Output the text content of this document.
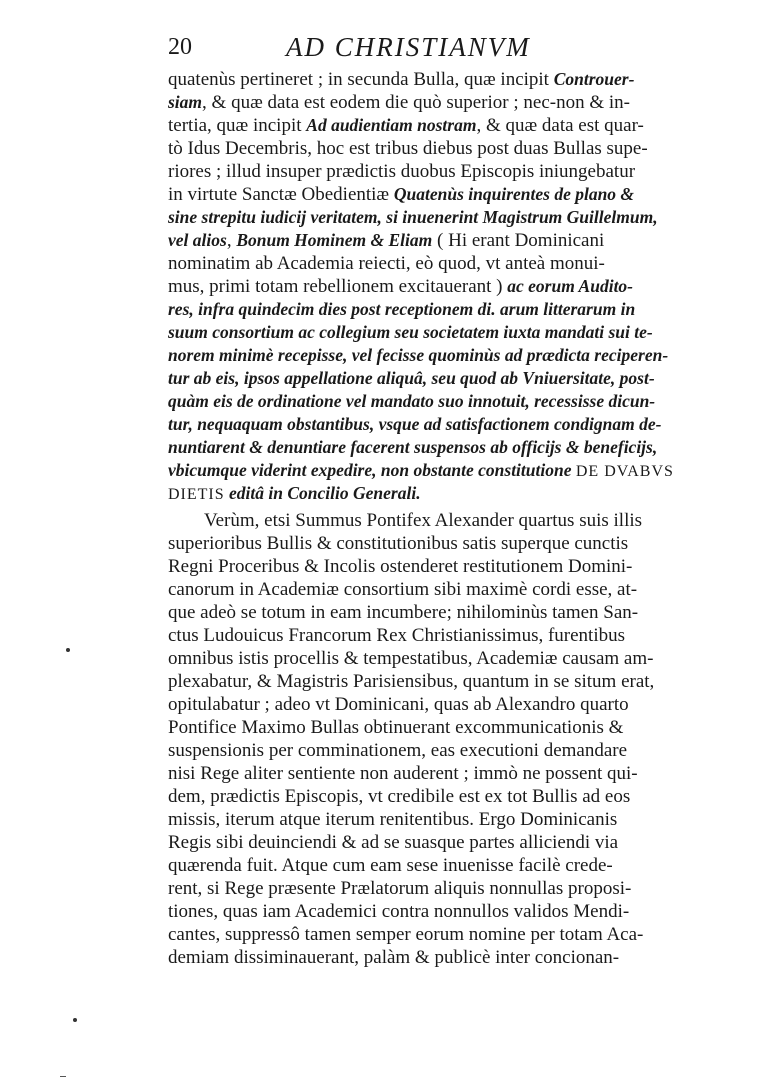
20	AD CHRISTIANVM
quatenùs pertineret ; in secunda Bulla, quæ incipit Controuer-
siam, & quæ data est eodem die quò superior ; nec-non & in-
tertia, quæ incipit Ad audientiam nostram, & quæ data est quar-
tò Idus Decembris, hoc est tribus diebus post duas Bullas supe-
riores ; illud insuper prædictis duobus Episcopis iniungebatur
in virtute Sanctæ Obedientiæ Quatenùs inquirentes de plano &
sine strepitu iudicij veritatem, si inuenerint Magistrum Guillelmum,
vel alios, Bonum Hominem & Eliam ( Hi erant Dominicani
nominatim ab Academia reiecti, eò quod, vt anteà monui-
mus, primi totam rebellionem excitauerant ) ac eorum Audito-
res, infra quindecim dies post receptionem di. arum litterarum in
suum consortium ac collegium seu societatem iuxta mandati sui te-
norem minimè recepisse, vel fecisse quominùs ad prædicta reciperen-
tur ab eis, ipsos appellatione aliquâ, seu quod ab Vniuersitate, post-
quàm eis de ordinatione vel mandato suo innotuit, recessisse dicun-
tur, nequaquam obstantibus, vsque ad satisfactionem condignam de-
nuntiarent & denuntiare facerent suspensos ab officijs & beneficijs,
vbicumque viderint expedire, non obstante constitutione DE DVABVS
DIETIS editâ in Concilio Generali.
Verùm, etsi Summus Pontifex Alexander quartus suis illis
superioribus Bullis & constitutionibus satis superque cunctis
Regni Proceribus & Incolis ostenderet restitutionem Domini-
canorum in Academiæ consortium sibi maximè cordi esse, at-
que adeò se totum in eam incumbere; nihilominùs tamen San-
ctus Ludouicus Francorum Rex Christianissimus, furentibus
omnibus istis procellis & tempestatibus, Academiæ causam am-
plexabatur, & Magistris Parisiensibus, quantum in se situm erat,
opitulabatur ; adeo vt Dominicani, quas ab Alexandro quarto
Pontifice Maximo Bullas obtinuerant excommunicationis &
suspensionis per comminationem, eas executioni demandare
nisi Rege aliter sentiente non auderent ; immò ne possent qui-
dem, prædictis Episcopis, vt credibile est ex tot Bullis ad eos
missis, iterum atque iterum renitentibus. Ergo Dominicanis
Regis sibi deuinciendi & ad se suasque partes alliciendi via
quærenda fuit. Atque cum eam sese inuenisse facilè crede-
rent, si Rege præsente Prælatorum aliquis nonnullas proposi-
tiones, quas iam Academici contra nonnullos validos Mendi-
cantes, suppressô tamen semper eorum nomine per totam Aca-
demiam dissiminauerant, palàm & publicè inter concionan-
